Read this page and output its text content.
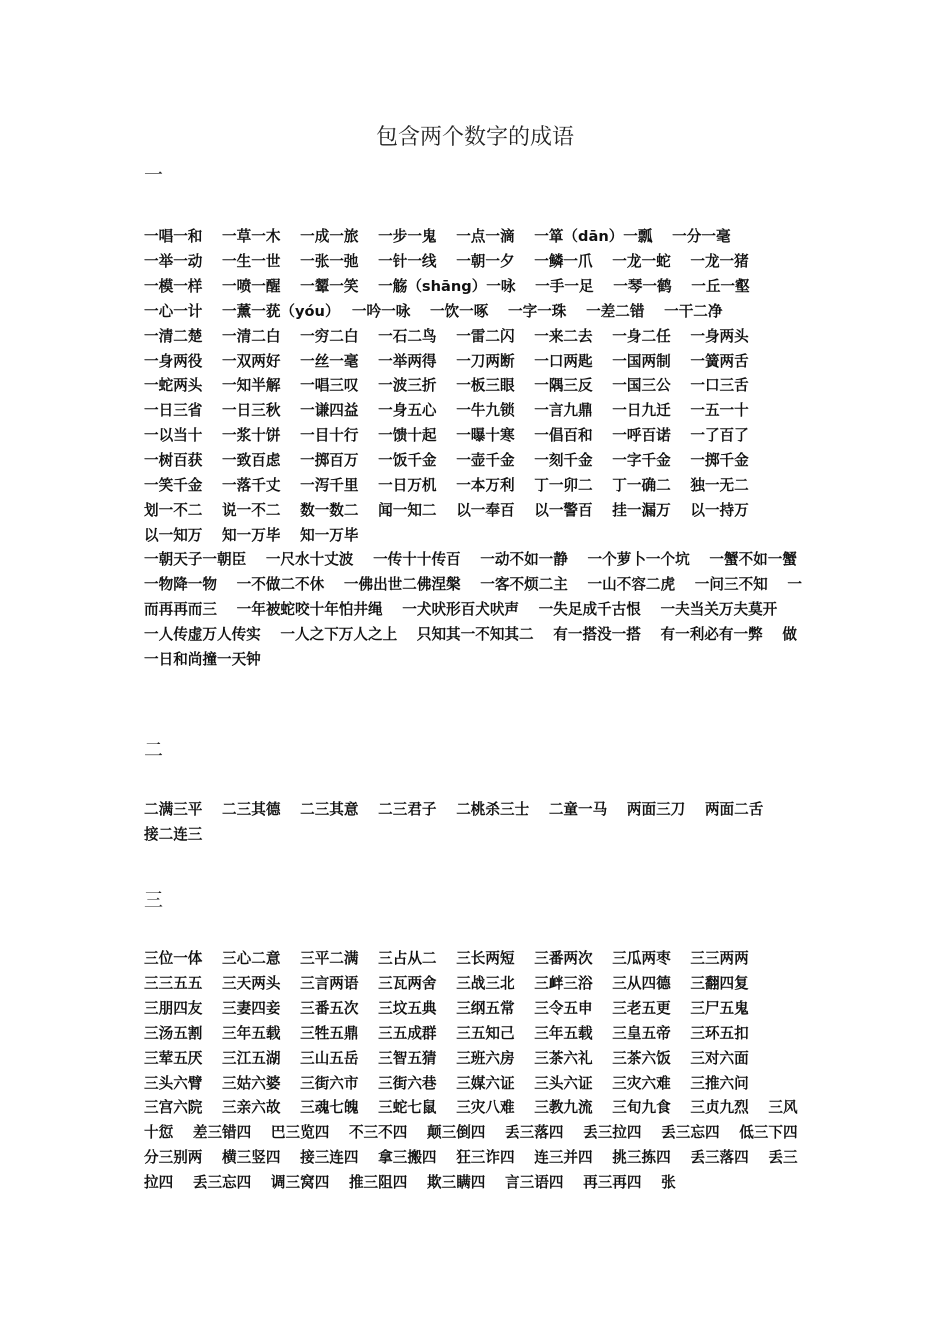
包含两个数字的成语
一
一唱一和　 一草一木　 一成一旅　 一步一鬼　 一点一滴　 一箪（dān）一瓢　 一分一毫
一举一动　 一生一世　 一张一弛　 一针一线　 一朝一夕　 一鳞一爪　 一龙一蛇　 一龙一猪
一模一样　 一喷一醒　 一颦一笑　 一觞（shāng）一咏　 一手一足　 一琴一鹤　 一丘一壑
一心一计　 一薰一莸（yóu）　 一吟一咏　 一饮一啄　 一字一珠　 一差二错　 一干二净
一清二楚　 一清二白　 一穷二白　 一石二鸟　 一雷二闪　 一来二去　 一身二任　 一身两头
一身两役　 一双两好　 一丝一毫　 一举两得　 一刀两断　 一口两匙　 一国两制　 一簧两舌
一蛇两头　 一知半解　 一唱三叹　 一波三折　 一板三眼　 一隅三反　 一国三公　 一口三舌
一日三省　 一日三秋　 一谦四益　 一身五心　 一牛九锁　 一言九鼎　 一日九迁　 一五一十
一以当十　 一浆十饼　 一目十行　 一馈十起　 一曝十寒　 一倡百和　 一呼百诺　 一了百了
一树百获　 一致百虑　 一掷百万　 一饭千金　 一壶千金　 一刻千金　 一字千金　 一掷千金
一笑千金　 一落千丈　 一泻千里　 一日万机　 一本万利　 丁一卯二　 丁一确二　 独一无二
划一不二　 说一不二　 数一数二　 闻一知二　 以一奉百　 以一警百　 挂一漏万　 以一持万
以一知万　 知一万毕　 知一万毕
一朝天子一朝臣　 一尺水十丈波　 一传十十传百　 一动不如一静　 一个萝卜一个坑　 一蟹不如一蟹　 一物降一物　 一不做二不休　 一佛出世二佛涅槃　 一客不烦二主　 一山不容二虎　 一问三不知　 一而再再而三　 一年被蛇咬十年怕井绳　 一犬吠形百犬吠声　 一失足成千古恨　 一夫当关万夫莫开　 一人传虚万人传实　 一人之下万人之上　 只知其一不知其二　 有一搭没一搭　 有一利必有一弊　 做一日和尚撞一天钟
二
二满三平　 二三其德　 二三其意　 二三君子　 二桃杀三士　 二童一马　 两面三刀　 两面二舌
接二连三
三
三位一体　 三心二意　 三平二满　 三占从二　 三长两短　 三番两次　 三瓜两枣　 三三两两
三三五五　 三天两头　 三言两语　 三瓦两舍　 三战三北　 三衅三浴　 三从四德　 三翻四复
三朋四友　 三妻四妾　 三番五次　 三坟五典　 三纲五常　 三令五申　 三老五更　 三尸五鬼
三汤五割　 三年五载　 三牲五鼎　 三五成群　 三五知己　 三年五载　 三皇五帝　 三环五扣
三荤五厌　 三江五湖　 三山五岳　 三智五猜　 三班六房　 三茶六礼　 三茶六饭　 三对六面
三头六臂　 三姑六婆　 三街六市　 三街六巷　 三媒六证　 三头六证　 三灾六难　 三推六问
三宫六院　 三亲六故　 三魂七魄　 三蛇七鼠　 三灾八难　 三教九流　 三旬九食　 三贞九烈　 三风十愆　 差三错四　 巴三览四　 不三不四　 颠三倒四　 丢三落四　 丢三拉四　 丢三忘四　 低三下四　 分三别两　 横三竖四　 接三连四　 拿三搬四　 狂三诈四　 连三并四　 挑三拣四　 丢三落四　 丢三拉四　 丢三忘四　 调三窝四　 推三阻四　 欺三瞒四　 言三语四　 再三再四　 张
